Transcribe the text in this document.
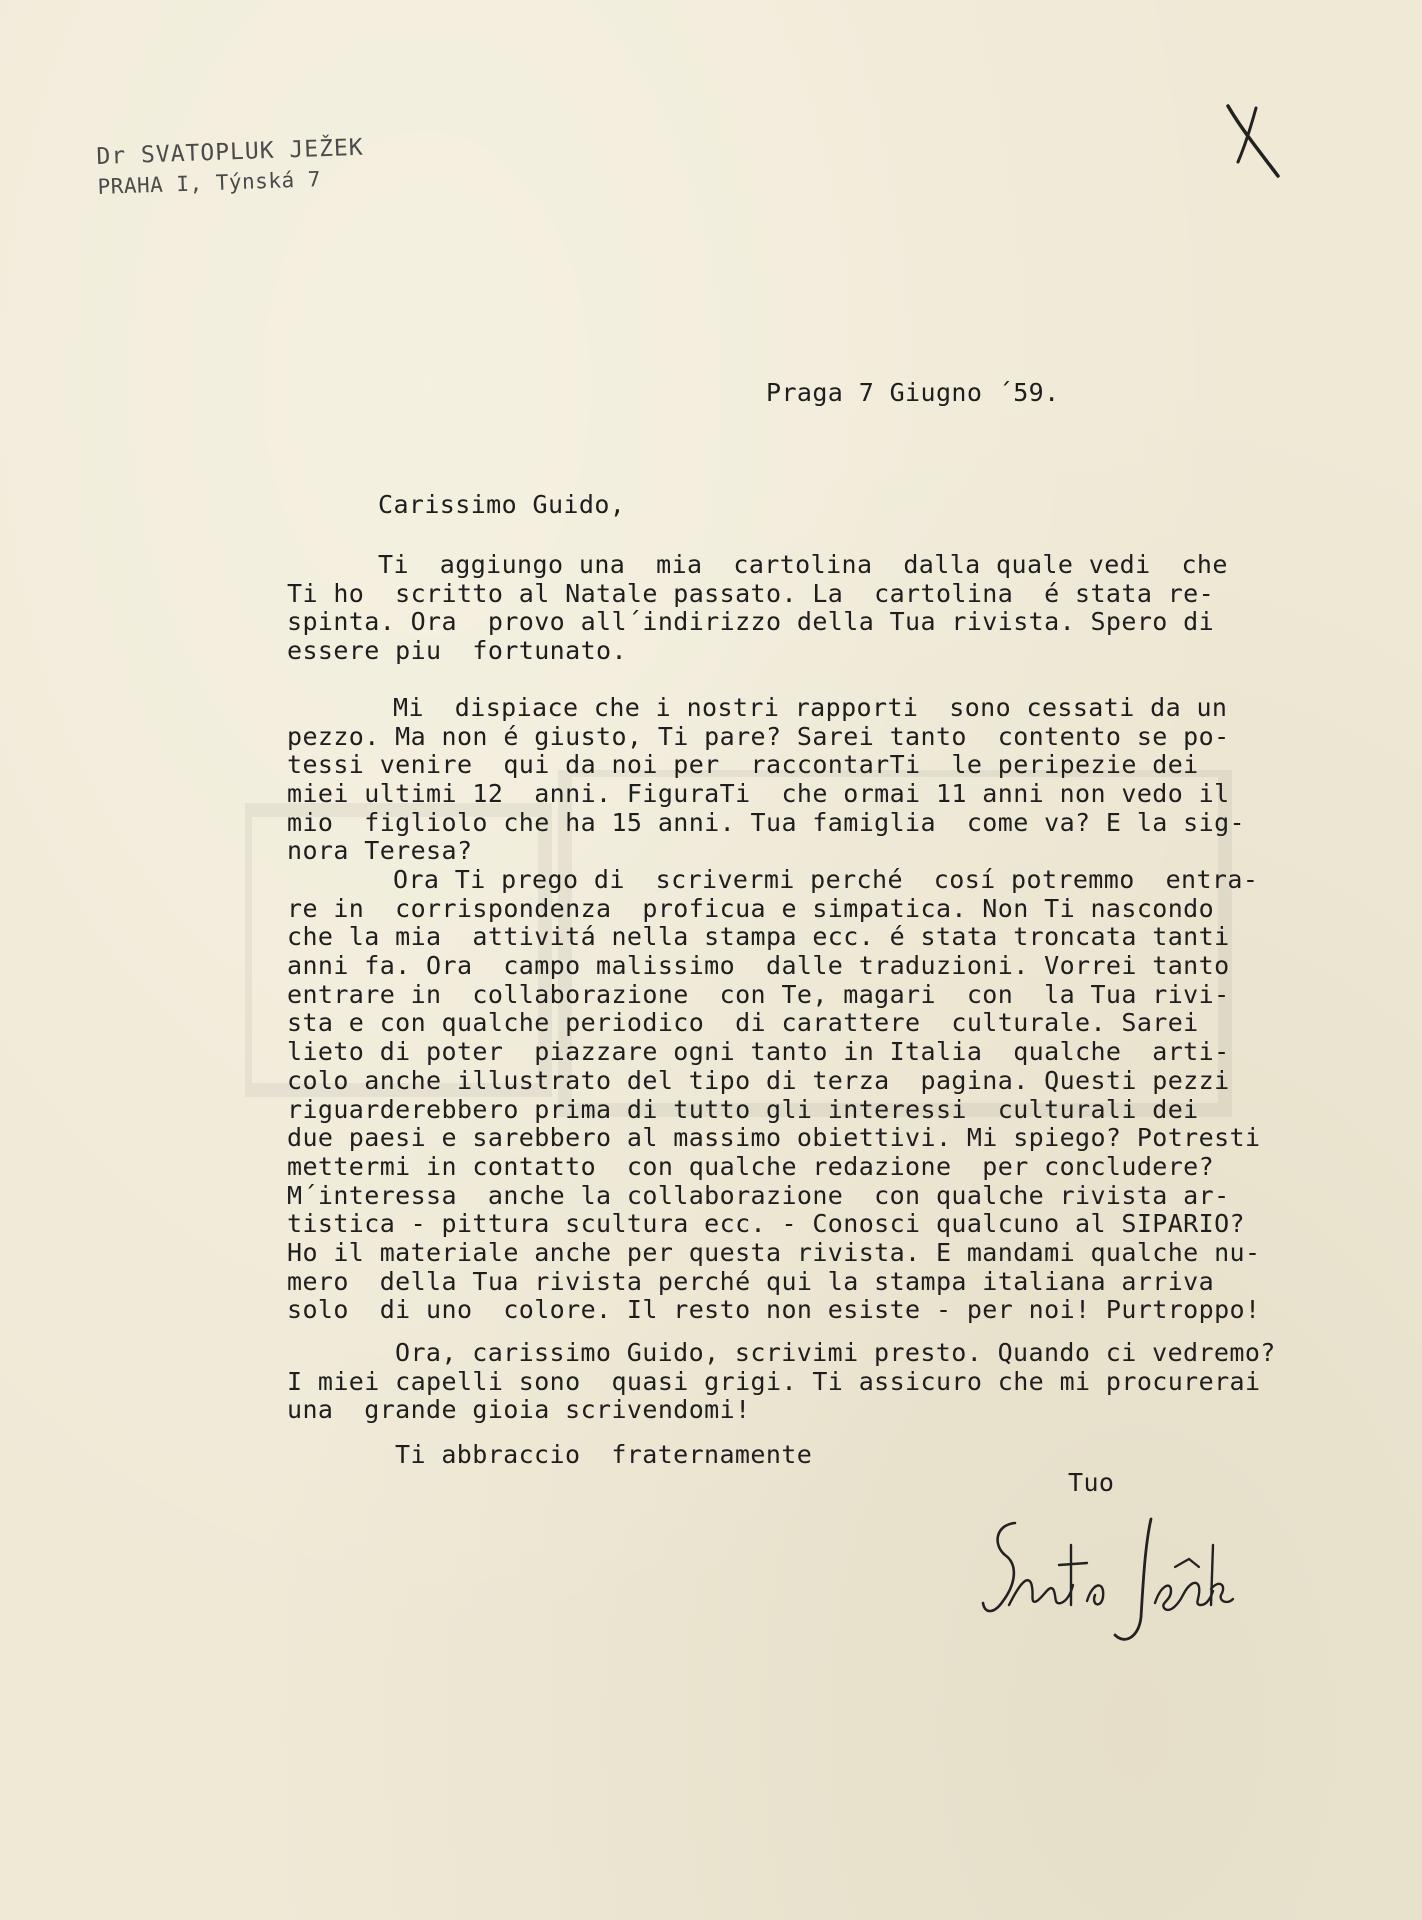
Dr SVATOPLUK JEŽEK
PRAHA I, Týnská 7
Praga 7 Giugno ´59.
Carissimo Guido,
Ti  aggiungo una  mia  cartolina  dalla quale vedi  che
Ti ho  scritto al Natale passato. La  cartolina  é stata re-
spinta. Ora  provo all´indirizzo della Tua rivista. Spero di
essere piu  fortunato.
Mi  dispiace che i nostri rapporti  sono cessati da un
pezzo. Ma non é giusto, Ti pare? Sarei tanto  contento se po-
tessi venire  qui da noi per  raccontarTi  le peripezie dei
miei ultimi 12  anni. FiguraTi  che ormai 11 anni non vedo il
mio  figliolo che ha 15 anni. Tua famiglia  come va? E la sig-
nora Teresa?
Ora Ti prego di  scrivermi perché  cosí potremmo  entra-
re in  corrispondenza  proficua e simpatica. Non Ti nascondo
che la mia  attivitá nella stampa ecc. é stata troncata tanti
anni fa. Ora  campo malissimo  dalle traduzioni. Vorrei tanto
entrare in  collaborazione  con Te, magari  con  la Tua rivi-
sta e con qualche periodico  di carattere  culturale. Sarei
lieto di poter  piazzare ogni tanto in Italia  qualche  arti-
colo anche illustrato del tipo di terza  pagina. Questi pezzi
riguarderebbero prima di tutto gli interessi  culturali dei
due paesi e sarebbero al massimo obiettivi. Mi spiego? Potresti
mettermi in contatto  con qualche redazione  per concludere?
M´interessa  anche la collaborazione  con qualche rivista ar-
tistica - pittura scultura ecc. - Conosci qualcuno al SIPARIO?
Ho il materiale anche per questa rivista. E mandami qualche nu-
mero  della Tua rivista perché qui la stampa italiana arriva
solo  di uno  colore. Il resto non esiste - per noi! Purtroppo!
Ora, carissimo Guido, scrivimi presto. Quando ci vedremo?
I miei capelli sono  quasi grigi. Ti assicuro che mi procurerai
una  grande gioia scrivendomi!
Ti abbraccio  fraternamente
Tuo
